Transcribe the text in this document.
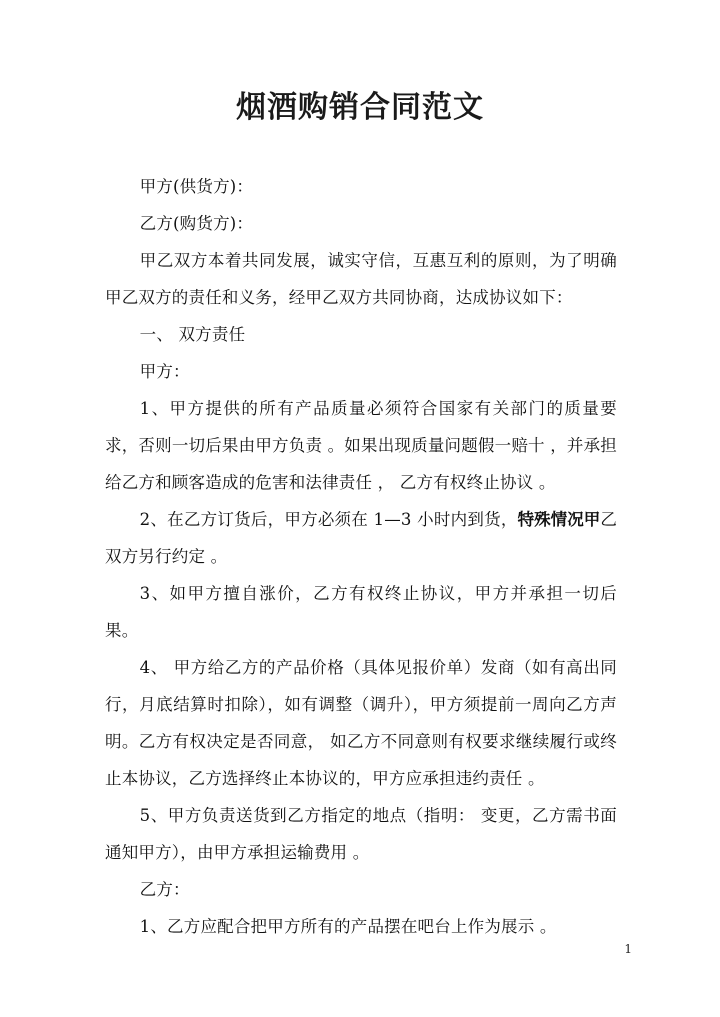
烟酒购销合同范文

甲方(供货方)：

乙方(购货方)：

甲乙双方本着共同发展，诚实守信，互惠互利的原则，为了明确甲乙双方的责任和义务，经甲乙双方共同协商，达成协议如下：

一、 双方责任

甲方：

1、甲方提供的所有产品质量必须符合国家有关部门的质量要求，否则一切后果由甲方负责 。如果出现质量问题假一赔十 ，并承担给乙方和顾客造成的危害和法律责任 ， 乙方有权终止协议 。

2、在乙方订货后，甲方必须在 1—3 小时内到货，特殊情况甲乙双方另行约定 。

3、如甲方擅自涨价，乙方有权终止协议，甲方并承担一切后果。

4、 甲方给乙方的产品价格（具体见报价单）发商（如有高出同行，月底结算时扣除），如有调整（调升），甲方须提前一周向乙方声明。乙方有权决定是否同意， 如乙方不同意则有权要求继续履行或终止本协议，乙方选择终止本协议的，甲方应承担违约责任 。

5、甲方负责送货到乙方指定的地点（指明： 变更，乙方需书面通知甲方），由甲方承担运输费用 。

乙方：

1、乙方应配合把甲方所有的产品摆在吧台上作为展示 。

1
